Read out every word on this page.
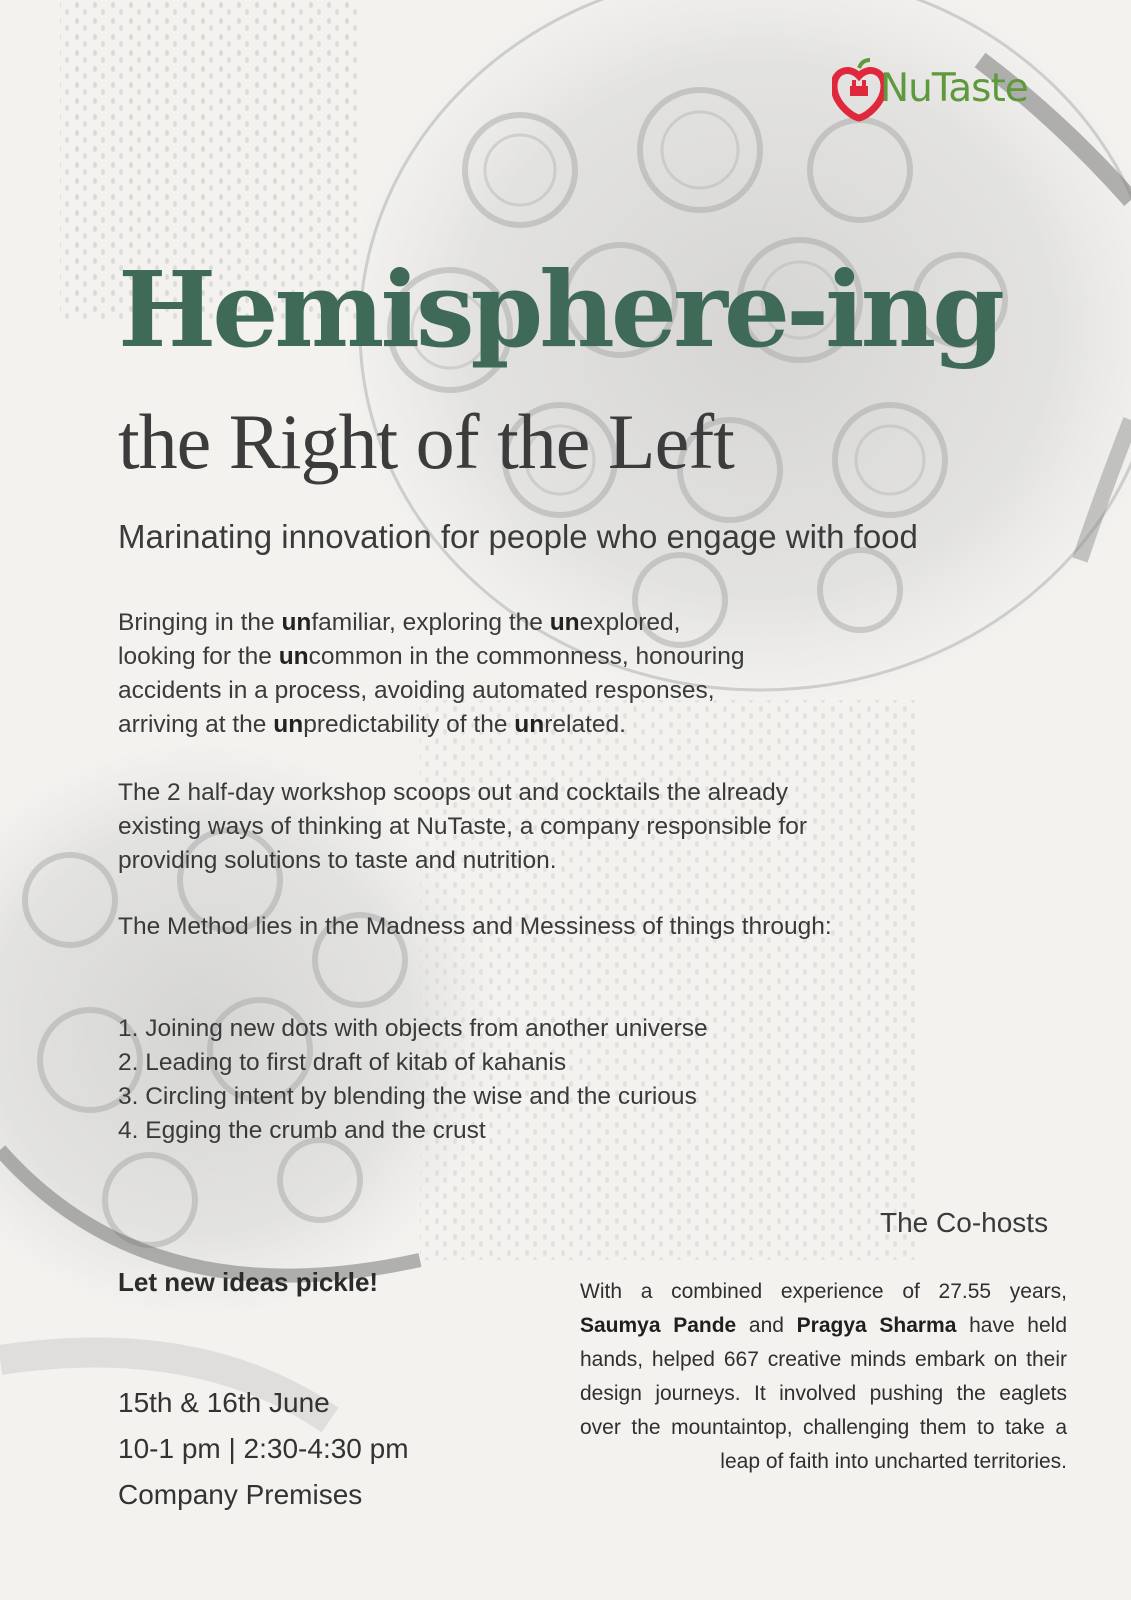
NuTaste
Hemisphere-ing
the Right of the Left
Marinating innovation for people who engage with food
Bringing in the unfamiliar, exploring the unexplored,
looking for the uncommon in the commonness, honouring
accidents in a process, avoiding automated responses,
arriving at the unpredictability of the unrelated.
The 2 half-day workshop scoops out and cocktails the already existing ways of thinking at NuTaste, a company responsible for providing solutions to taste and nutrition.
The Method lies in the Madness and Messiness of things through:
1. Joining new dots with objects from another universe
2. Leading to first draft of kitab of kahanis
3. Circling intent by blending the wise and the curious
4. Egging the crumb and the crust
The Co-hosts
Let new ideas pickle!
15th & 16th June
10-1 pm | 2:30-4:30 pm
Company Premises
With a combined experience of 27.55 years, Saumya Pande and Pragya Sharma have held hands, helped 667 creative minds embark on their design journeys. It involved pushing the eaglets over the mountaintop, challenging them to take a leap of faith into uncharted territories.
